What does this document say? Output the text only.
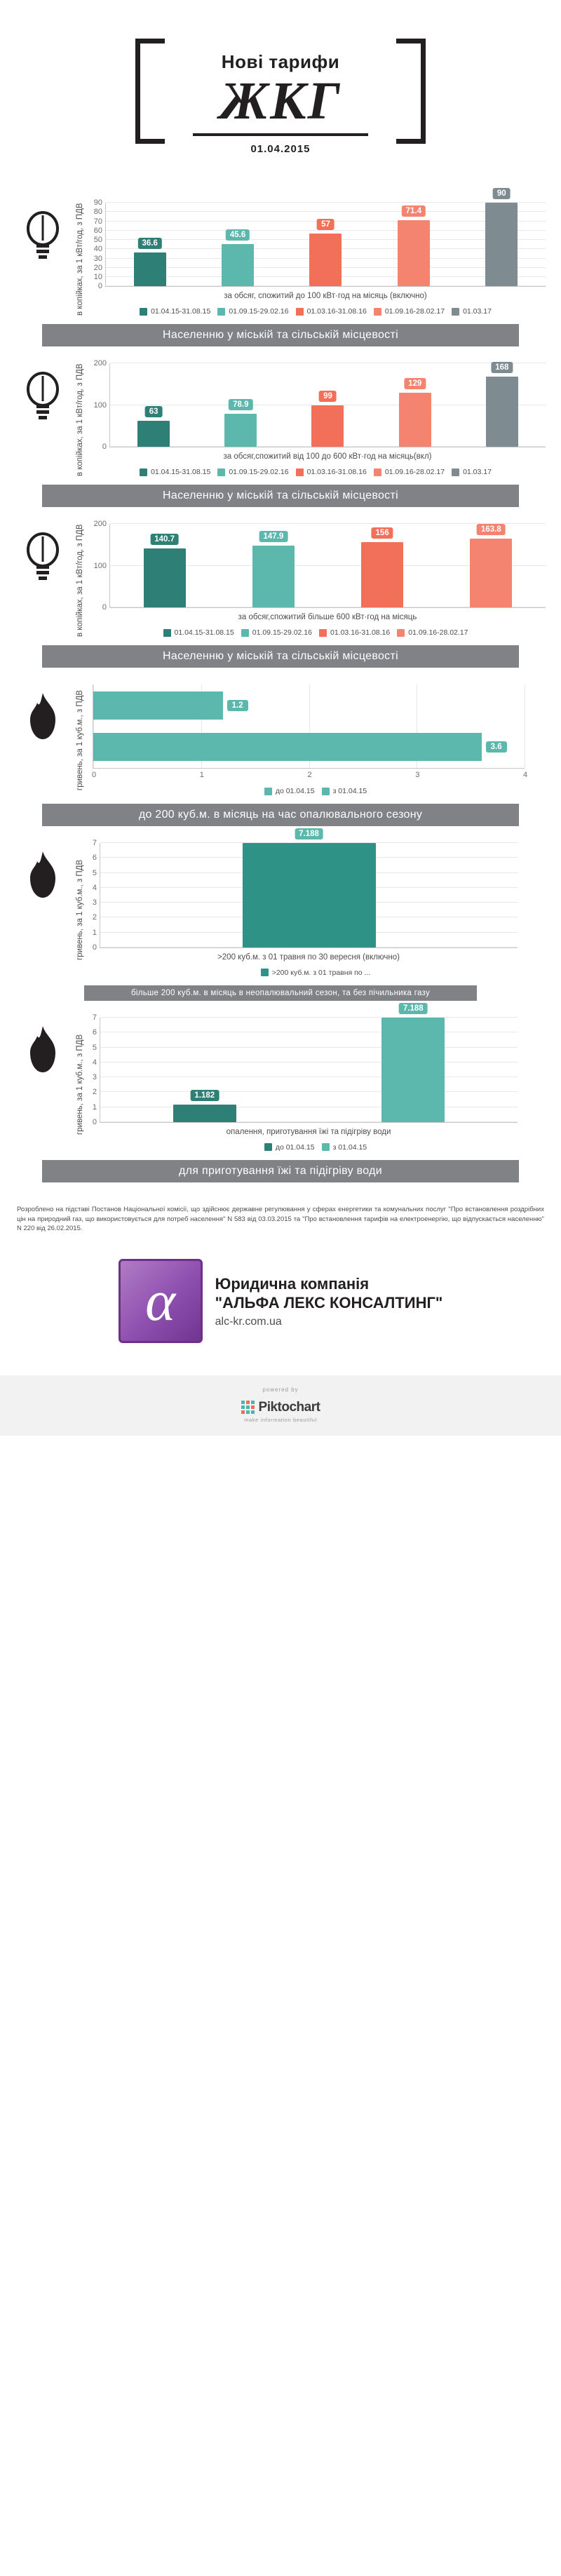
Нові тарифи
ЖКГ
01.04.2015
в копійках, за 1 кВт/год, з ПДВ
90
80
70
60
50
40
30
20
10
0
36.6
45.6
57
71.4
90
за обсяг, спожитий до 100 кВт·год на місяць (включно)
01.04.15-31.08.15 01.09.15-29.02.16 01.03.16-31.08.16 01.09.16-28.02.17 01.03.17
Населенню у міській та сільській місцевості
в копійках, за 1 кВт/год, з ПДВ
200
100
0
63
78.9
99
129
168
за обсяг,спожитий від 100 до 600 кВт·год на місяць(вкл)
01.04.15-31.08.15 01.09.15-29.02.16 01.03.16-31.08.16 01.09.16-28.02.17 01.03.17
Населенню у міській та сільській місцевості
в копійках, за 1 кВт/год, з ПДВ
200
100
0
140.7	147.9	156	163.8
за обсяг,спожитий більше 600 кВт·год на місяць
01.04.15-31.08.15 01.09.15-29.02.16 01.03.16-31.08.16 01.09.16-28.02.17
Населенню у міській та сільській місцевості
гривень, за 1 куб.м., з ПДВ 0	1	2	3	4
1.2
3.6
до 01.04.15 з 01.04.15
до 200 куб.м. в місяць на час опалювального сезону
гривень, за 1 куб.м., з ПДВ
7
6
5
4
3
2
1
0
7.188
>200 куб.м. з 01 травня по 30 вересня (включно)
>200 куб.м. з 01 травня по ...
більше 200 куб.м. в місяць в неопалювальний сезон, та без пічильника газу
гривень, за 1 куб.м., з ПДВ
7
6
5
4
3
2
1
0
1.182
7.188
опалення, приготування їжі та підігріву води
до 01.04.15 з 01.04.15
для приготування їжі та підігріву води
Розроблено на підставі Постанов Національної комісії, що здійснює державне регулювання у сферах енергетики та комунальних послуг "Про встановлення роздрібних цін на природний газ, що використовується для потреб населення" N 583 від 03.03.2015 та "Про встановлення тарифів на електроенергію, що відпускається населенню" N 220 від 26.02.2015.
α	Юридична компанія
"АЛЬФА ЛЕКС КОНСАЛТИНГ"
alc-kr.com.ua
powered by
Piktochart
make information beautiful
